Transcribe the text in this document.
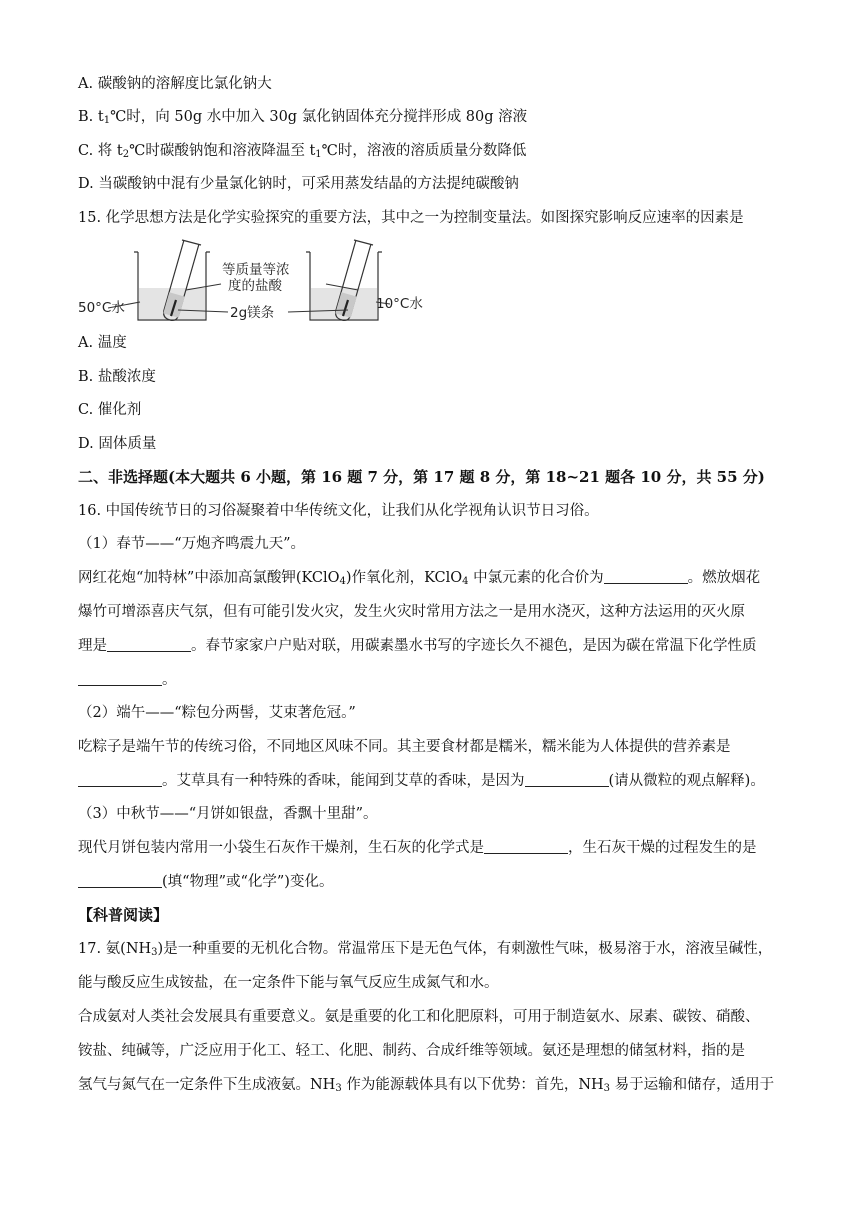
A. 碳酸钠的溶解度比氯化钠大
B. $t_1℃$时，向 50g 水中加入 30g 氯化钠固体充分搅拌形成 80g 溶液
C. 将 $t_2℃$时碳酸钠饱和溶液降温至 $t_1℃$时，溶液的溶质质量分数降低
D. 当碳酸钠中混有少量氯化钠时，可采用蒸发结晶的方法提纯碳酸钠
15. 化学思想方法是化学实验探究的重要方法，其中之一为控制变量法。如图探究影响反应速率的因素是
等质量等浓
度的盐酸
2g镁条
50°C水	10°C水
A. 温度
B. 盐酸浓度
C. 催化剂
D. 固体质量
二、非选择题(本大题共 6 小题，第 16 题 7 分，第 17 题 8 分，第 18~21 题各 10 分，共 55 分)
16. 中国传统节日的习俗凝聚着中华传统文化，让我们从化学视角认识节日习俗。
（1）春节——“万炮齐鸣震九天”。
网红花炮“加特林”中添加高氯酸钾(KClO$_4$)作氧化剂，KClO$_4$ 中氯元素的化合价为	。燃放烟花
爆竹可增添喜庆气氛，但有可能引发火灾，发生火灾时常用方法之一是用水浇灭，这种方法运用的灭火原
理是	。春节家家户户贴对联，用碳素墨水书写的字迹长久不褪色，是因为碳在常温下化学性质
。
（2）端午——“粽包分两髻，艾束著危冠。”
吃粽子是端午节的传统习俗，不同地区风味不同。其主要食材都是糯米，糯米能为人体提供的营养素是
。艾草具有一种特殊的香味，能闻到艾草的香味，是因为	(请从微粒的观点解释)。
（3）中秋节——“月饼如银盘，香飘十里甜”。
现代月饼包装内常用一小袋生石灰作干燥剂，生石灰的化学式是	，生石灰干燥的过程发生的是
(填“物理”或“化学”)变化。
【科普阅读】
17. 氨$(NH_3)$是一种重要的无机化合物。常温常压下是无色气体，有刺激性气味，极易溶于水，溶液呈碱性，
能与酸反应生成铵盐，在一定条件下能与氧气反应生成氮气和水。
合成氨对人类社会发展具有重要意义。氨是重要的化工和化肥原料，可用于制造氨水、尿素、碳铵、硝酸、
铵盐、纯碱等，广泛应用于化工、轻工、化肥、制药、合成纤维等领域。氨还是理想的储氢材料，指的是
氢气与氮气在一定条件下生成液氨。$NH_3$ 作为能源载体具有以下优势：首先，$NH_3$ 易于运输和储存，适用于
